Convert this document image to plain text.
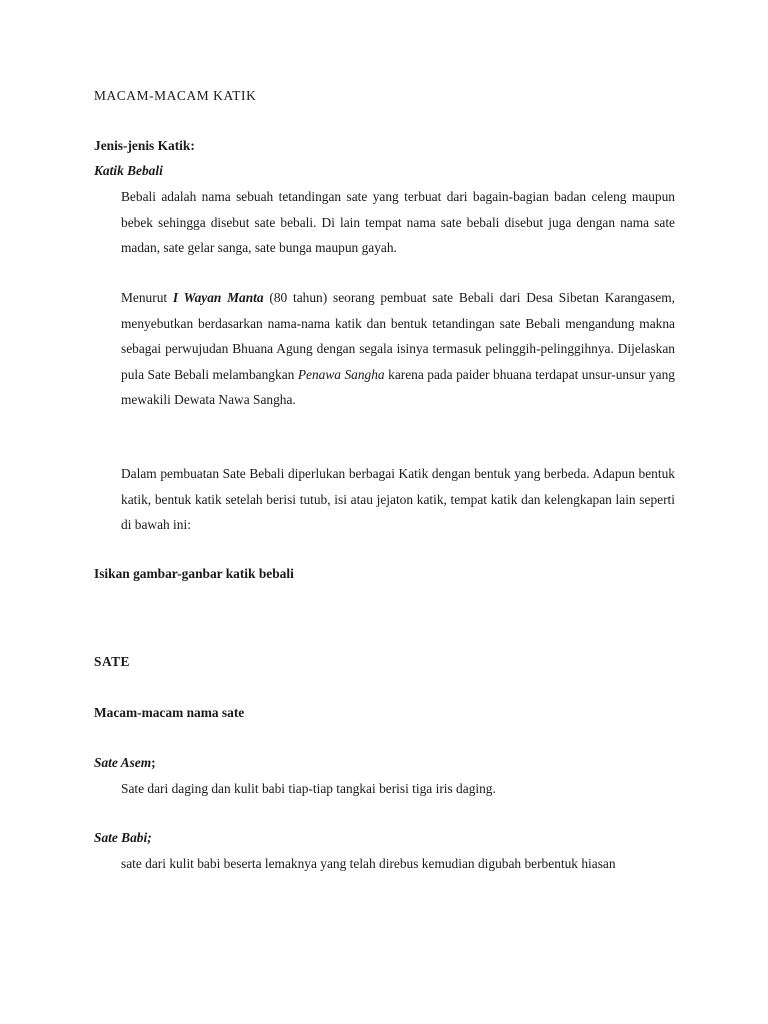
MACAM-MACAM KATIK

Jenis-jenis Katik:

Katik Bebali

Bebali adalah nama sebuah tetandingan sate yang terbuat dari bagain-bagian badan celeng maupun bebek sehingga disebut sate bebali. Di lain tempat nama sate bebali disebut juga dengan nama sate madan, sate gelar sanga, sate bunga maupun gayah.

Menurut I Wayan Manta (80 tahun) seorang pembuat sate Bebali dari Desa Sibetan Karangasem, menyebutkan berdasarkan nama-nama katik dan bentuk tetandingan sate Bebali mengandung makna sebagai perwujudan Bhuana Agung dengan segala isinya termasuk pelinggih-pelinggihnya. Dijelaskan pula Sate Bebali melambangkan Penawa Sangha karena pada paider bhuana terdapat unsur-unsur yang mewakili Dewata Nawa Sangha.

Dalam pembuatan Sate Bebali diperlukan berbagai Katik dengan bentuk yang berbeda. Adapun bentuk katik, bentuk katik setelah berisi tutub, isi atau jejaton katik, tempat katik dan kelengkapan lain seperti di bawah ini:

Isikan gambar-ganbar katik bebali

SATE

Macam-macam nama sate

Sate Asem;

Sate dari daging dan kulit babi tiap-tiap tangkai berisi tiga iris daging.

Sate Babi;

sate dari kulit babi beserta lemaknya yang telah direbus kemudian digubah berbentuk hiasan
